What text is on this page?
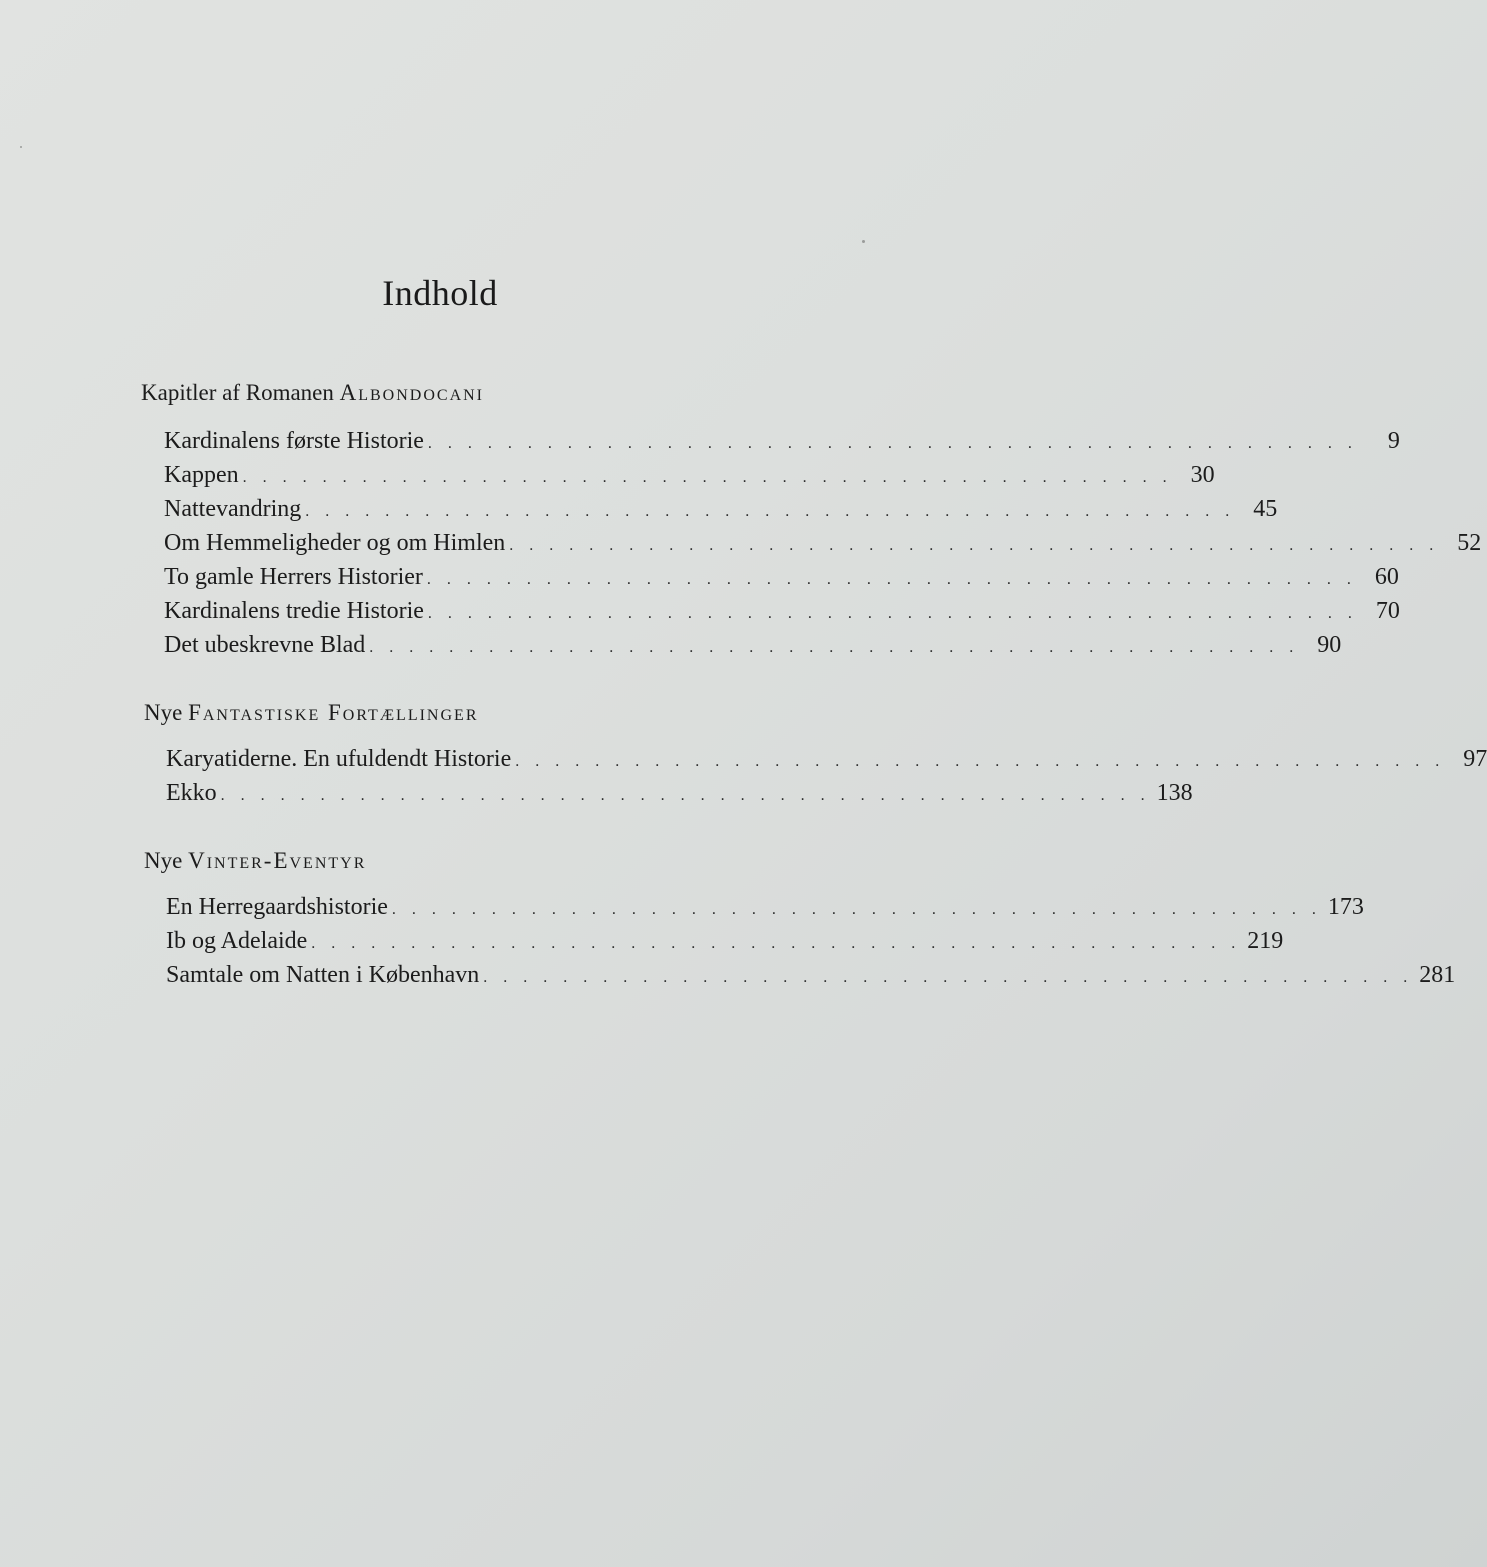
Indhold
Kapitler af Romanen Albondocani
Kardinalens første Historie . . . . . . . . . . . . . . . . . . . . . . . . . . . . . . . . . . . . . . . . . . . . . . .	9
Kappen . . . . . . . . . . . . . . . . . . . . . . . . . . . . . . . . . . . . . . . . . . . . . . . 30
Nattevandring . . . . . . . . . . . . . . . . . . . . . . . . . . . . . . . . . . . . . . . . . . . . . . . 45
Om Hemmeligheder og om Himlen . . . . . . . . . . . . . . . . . . . . . . . . . . . . . . . . . . . . . . . . . . . . . . . 52
To gamle Herrers Historier . . . . . . . . . . . . . . . . . . . . . . . . . . . . . . . . . . . . . . . . . . . . . . . 60
Kardinalens tredie Historie . . . . . . . . . . . . . . . . . . . . . . . . . . . . . . . . . . . . . . . . . . . . . . . 70
Det ubeskrevne Blad . . . . . . . . . . . . . . . . . . . . . . . . . . . . . . . . . . . . . . . . . . . . . . . 90
Nye Fantastiske Fortællinger
Karyatiderne. En ufuldendt Historie . . . . . . . . . . . . . . . . . . . . . . . . . . . . . . . . . . . . . . . . . . . . . . . 97
Ekko . . . . . . . . . . . . . . . . . . . . . . . . . . . . . . . . . . . . . . . . . . . . . . . 138
Nye Vinter-Eventyr
En Herregaardshistorie . . . . . . . . . . . . . . . . . . . . . . . . . . . . . . . . . . . . . . . . . . . . . . . 173
Ib og Adelaide . . . . . . . . . . . . . . . . . . . . . . . . . . . . . . . . . . . . . . . . . . . . . . . 219
Samtale om Natten i København . . . . . . . . . . . . . . . . . . . . . . . . . . . . . . . . . . . . . . . . . . . . . . . 281
